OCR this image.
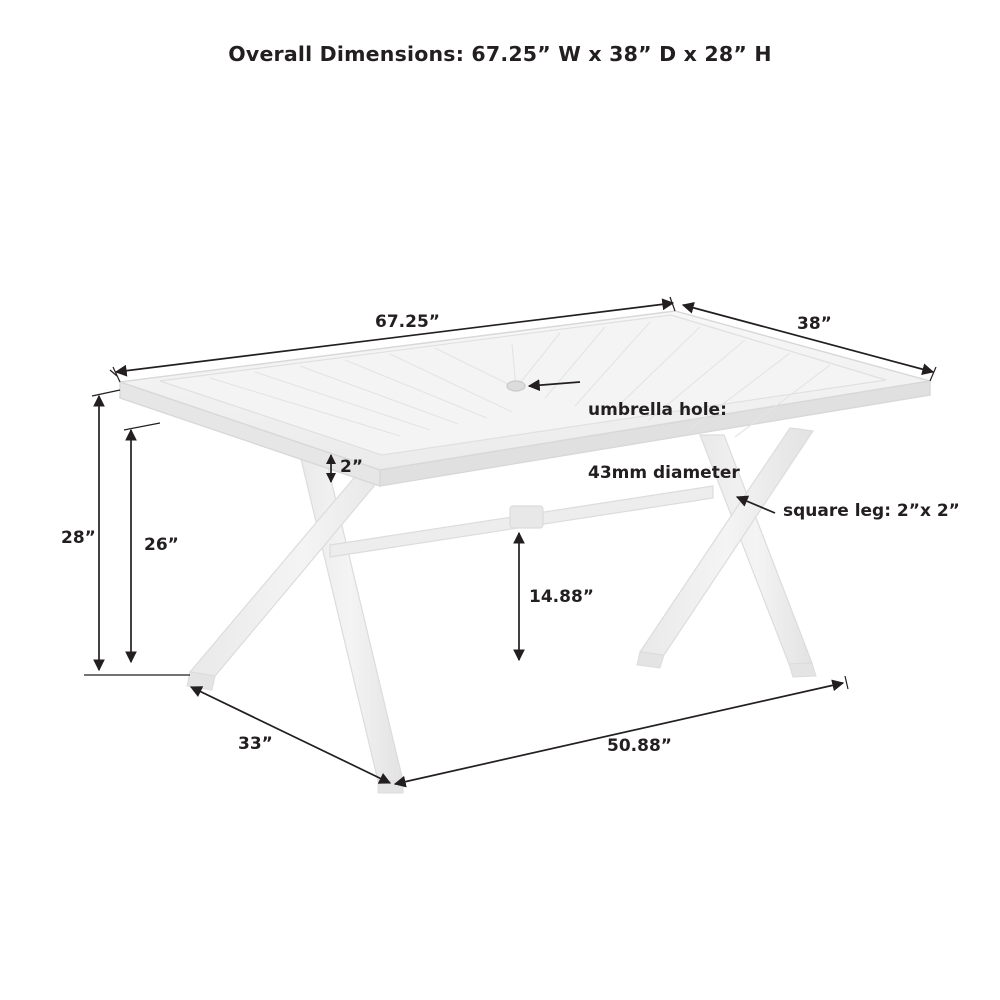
Overall Dimensions: 67.25” W x 38” D x 28” H
67.25”	38”
2”
28”	26”
14.88”
33”	50.88”

umbrella hole:

43mm diameter

square leg: 2”x 2”
